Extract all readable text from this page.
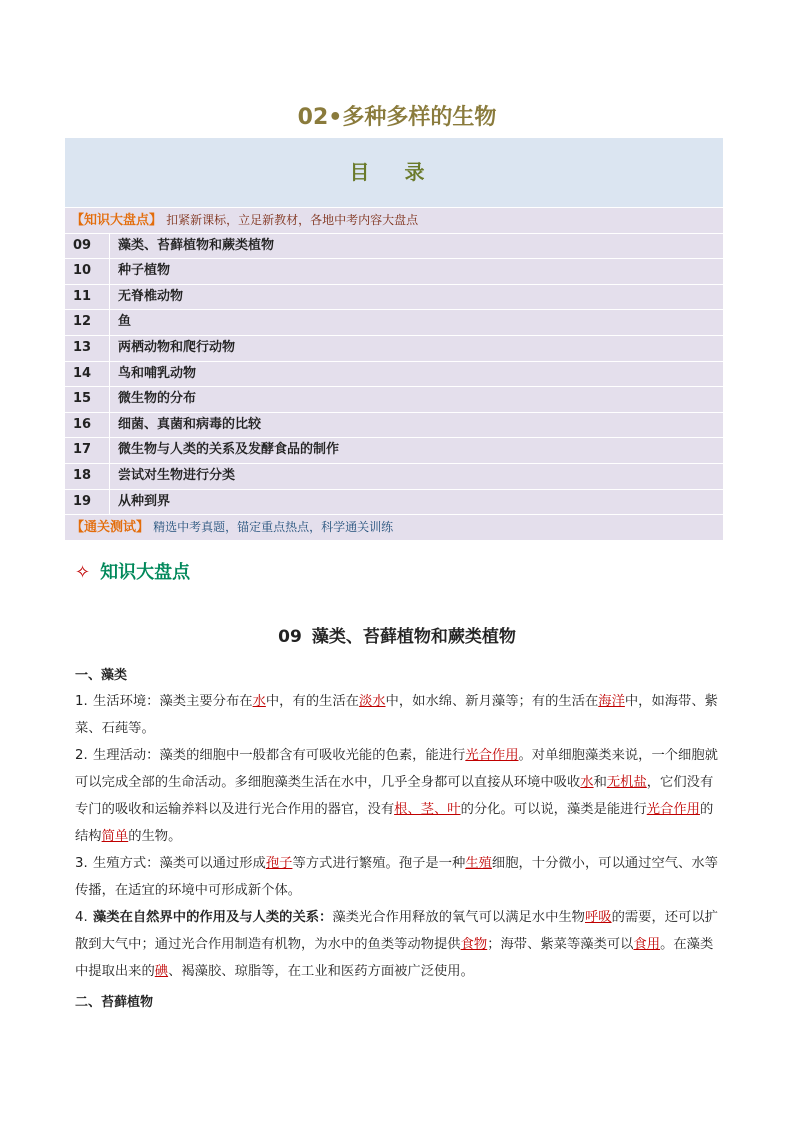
02•多种多样的生物
目 录
【知识大盘点】 扣紧新课标，立足新教材，各地中考内容大盘点
09	藻类、苔藓植物和蕨类植物
10	种子植物
11	无脊椎动物
12	鱼
13	两栖动物和爬行动物
14	鸟和哺乳动物
15	微生物的分布
16	细菌、真菌和病毒的比较
17	微生物与人类的关系及发酵食品的制作
18	尝试对生物进行分类
19	从种到界
【通关测试】 精选中考真题，锚定重点热点，科学通关训练
✧ 知识大盘点
09 藻类、苔藓植物和蕨类植物
一、藻类
1. 生活环境：藻类主要分布在水中，有的生活在淡水中，如水绵、新月藻等；有的生活在海洋中，如海带、紫菜、石莼等。
2. 生理活动：藻类的细胞中一般都含有可吸收光能的色素，能进行光合作用。对单细胞藻类来说，一个细胞就可以完成全部的生命活动。多细胞藻类生活在水中，几乎全身都可以直接从环境中吸收水和无机盐，它们没有专门的吸收和运输养料以及进行光合作用的器官，没有根、茎、叶的分化。可以说，藻类是能进行光合作用的结构简单的生物。
3. 生殖方式：藻类可以通过形成孢子等方式进行繁殖。孢子是一种生殖细胞，十分微小，可以通过空气、水等传播，在适宜的环境中可形成新个体。
4. 藻类在自然界中的作用及与人类的关系：藻类光合作用释放的氧气可以满足水中生物呼吸的需要，还可以扩散到大气中；通过光合作用制造有机物，为水中的鱼类等动物提供食物；海带、紫菜等藻类可以食用。在藻类中提取出来的碘、褐藻胶、琼脂等，在工业和医药方面被广泛使用。
二、苔藓植物
